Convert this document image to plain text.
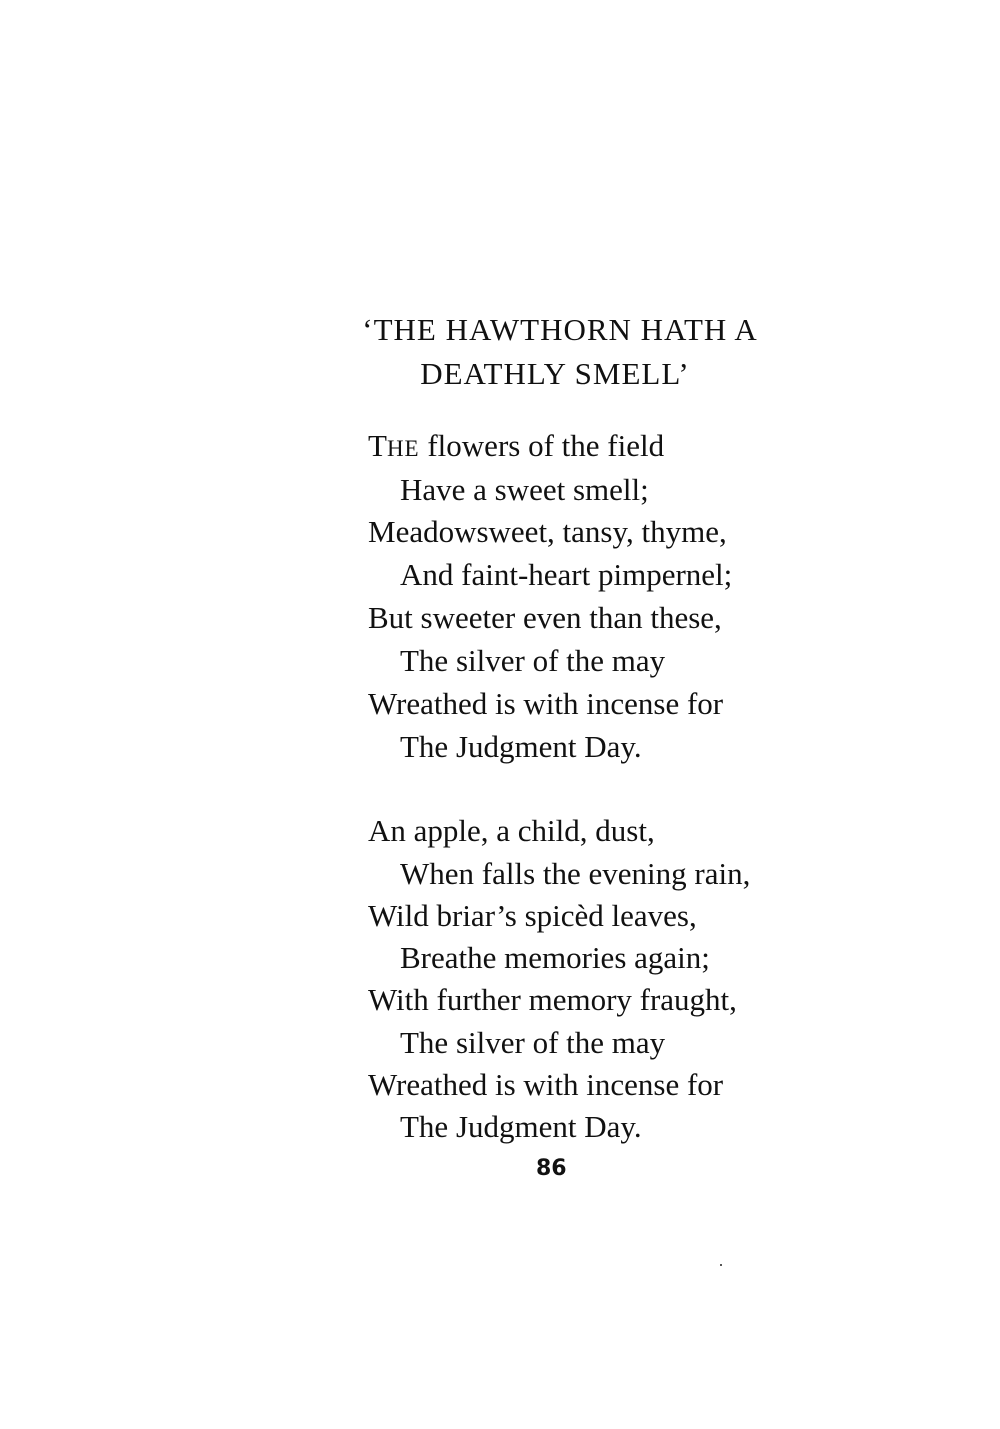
‘THE HAWTHORN HATH A
DEATHLY SMELL’
THE flowers of the field
Have a sweet smell;
Meadowsweet, tansy, thyme,
And faint-heart pimpernel;
But sweeter even than these,
The silver of the may
Wreathed is with incense for
The Judgment Day.
An apple, a child, dust,
When falls the evening rain,
Wild briar’s spicèd leaves,
Breathe memories again;
With further memory fraught,
The silver of the may
Wreathed is with incense for
The Judgment Day.
86
